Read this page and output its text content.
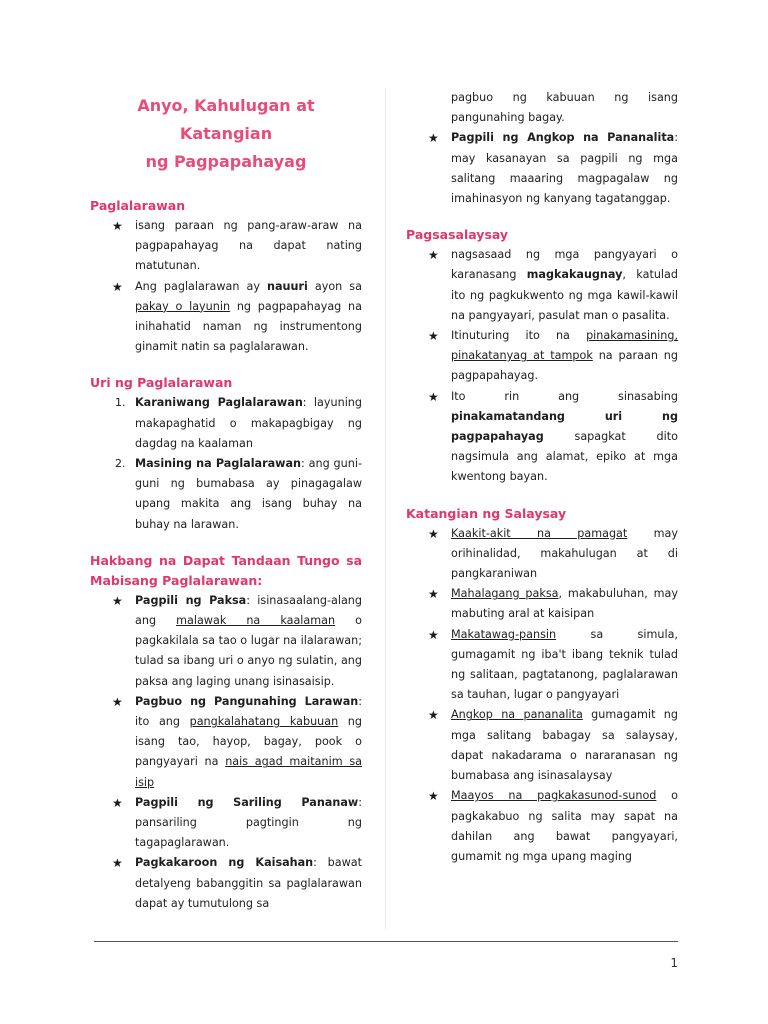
Anyo, Kahulugan at Katangian
ng Pagpapahayag
Paglalarawan
★ isang paraan ng pang-araw-araw na pagpapahayag na dapat nating matutunan.
★ Ang paglalarawan ay nauuri ayon sa pakay o layunin ng pagpapahayag na inihahatid naman ng instrumentong ginamit natin sa paglalarawan.
Uri ng Paglalarawan
1. Karaniwang Paglalarawan: layuning makapaghatid o makapagbigay ng dagdag na kaalaman
2. Masining na Paglalarawan: ang guni-guni ng bumabasa ay pinagagalaw upang makita ang isang buhay na buhay na larawan.
Hakbang na Dapat Tandaan Tungo sa Mabisang Paglalarawan:
★ Pagpili ng Paksa: isinasaalang-alang ang malawak na kaalaman o pagkakilala sa tao o lugar na ilalarawan; tulad sa ibang uri o anyo ng sulatin, ang paksa ang laging unang isinasaisip.
★ Pagbuo ng Pangunahing Larawan: ito ang pangkalahatang kabuuan ng isang tao, hayop, bagay, pook o pangyayari na nais agad maitanim sa isip
★ Pagpili ng Sariling Pananaw: pansariling pagtingin ng tagapaglarawan.
★ Pagkakaroon ng Kaisahan: bawat detalyeng babanggitin sa paglalarawan dapat ay tumutulong sa
pagbuo ng kabuuan ng isang pangunahing bagay.
★ Pagpili ng Angkop na Pananalita: may kasanayan sa pagpili ng mga salitang maaaring magpagalaw ng imahinasyon ng kanyang tagatanggap.
Pagsasalaysay
★ nagsasaad ng mga pangyayari o karanasang magkakaugnay, katulad ito ng pagkukwento ng mga kawil-kawil na pangyayari, pasulat man o pasalita.
★ Itinuturing ito na pinakamasining, pinakatanyag at tampok na paraan ng pagpapahayag.
★ Ito rin ang sinasabing pinakamatandang uri ng pagpapahayag sapagkat dito nagsimula ang alamat, epiko at mga kwentong bayan.
Katangian ng Salaysay
★ Kaakit-akit na pamagat may orihinalidad, makahulugan at di pangkaraniwan
★ Mahalagang paksa, makabuluhan, may mabuting aral at kaisipan
★ Makatawag-pansin sa simula, gumagamit ng iba't ibang teknik tulad ng salitaan, pagtatanong, paglalarawan sa tauhan, lugar o pangyayari
★ Angkop na pananalita gumagamit ng mga salitang babagay sa salaysay, dapat nakadarama o nararanasan ng bumabasa ang isinasalaysay
★ Maayos na pagkakasunod-sunod o pagkakabuo ng salita may sapat na dahilan ang bawat pangyayari, gumamit ng mga upang maging
1
